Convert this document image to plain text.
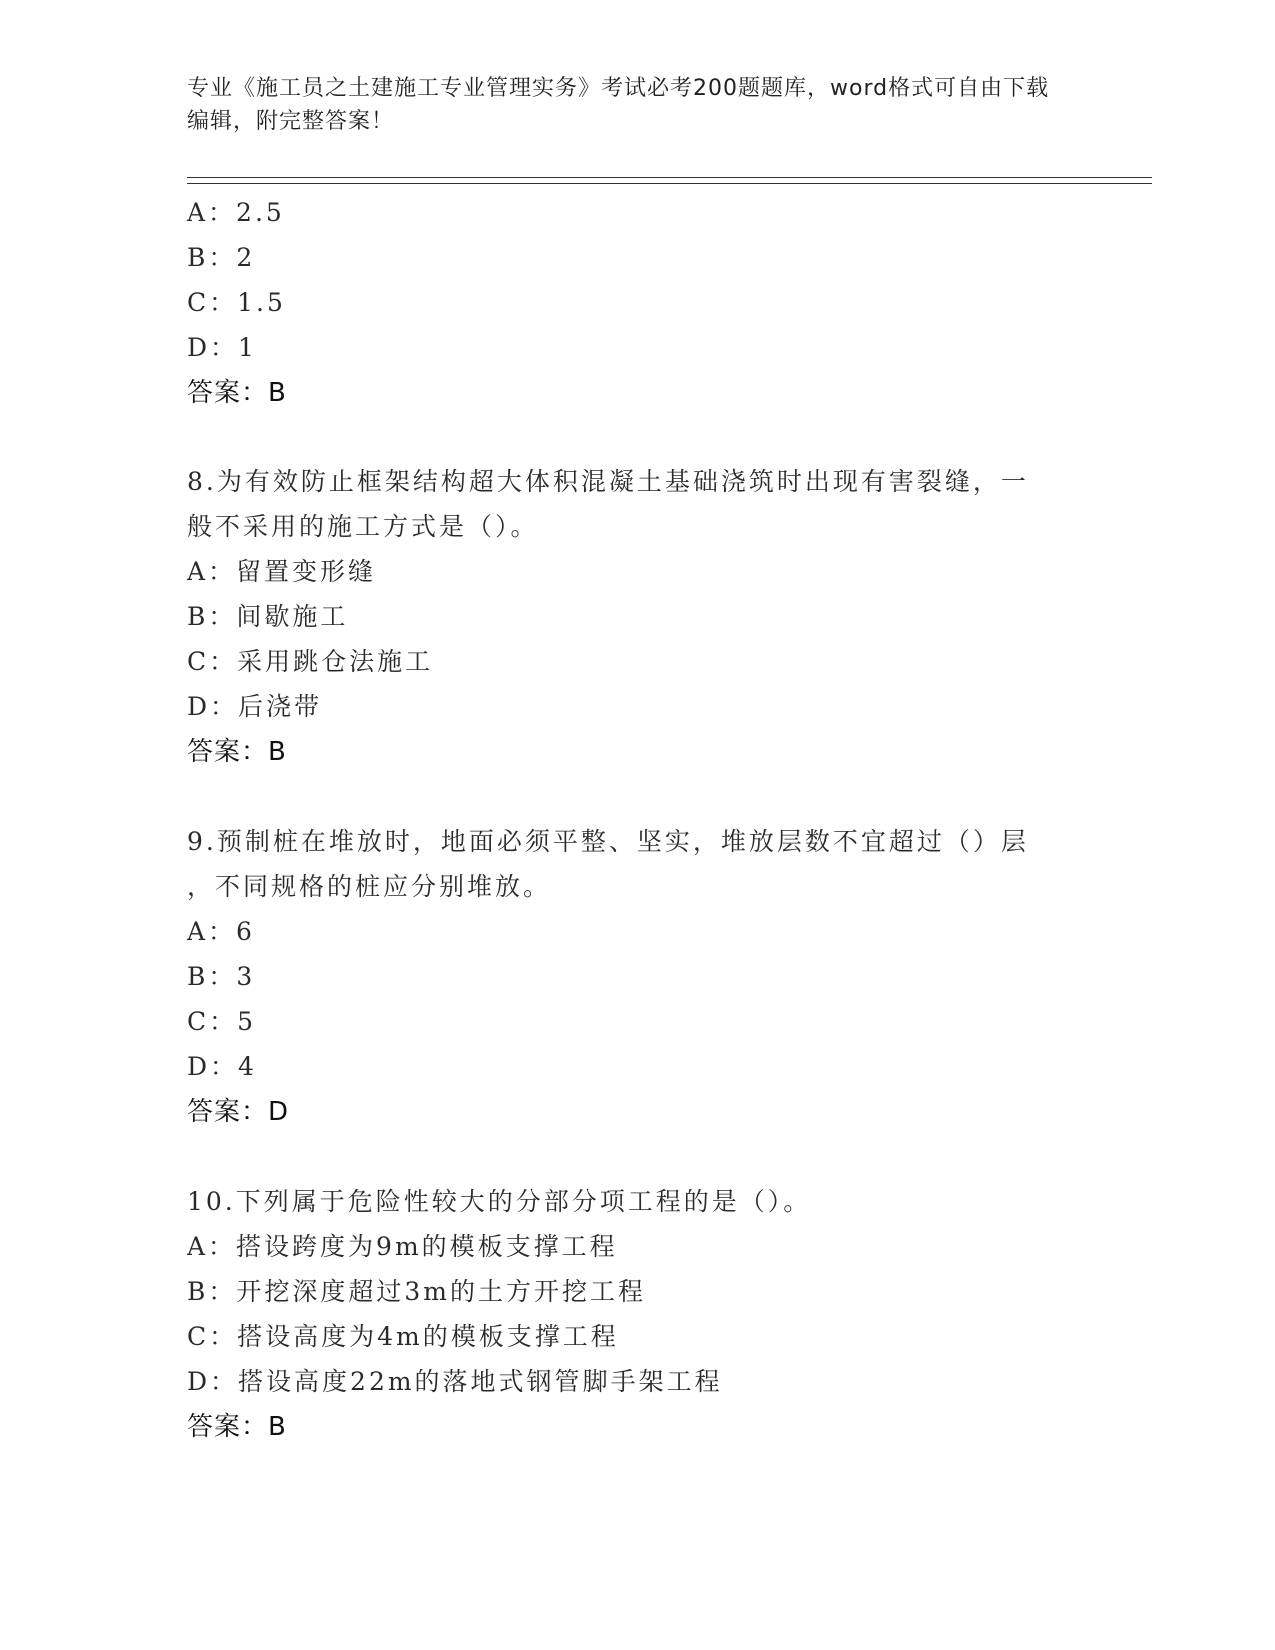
专业《施工员之土建施工专业管理实务》考试必考200题题库，word格式可自由下载编辑，附完整答案！
A：2.5
B：2
C：1.5
D：1
答案：B
8.为有效防止框架结构超大体积混凝土基础浇筑时出现有害裂缝，一
般不采用的施工方式是（）。
A：留置变形缝
B：间歇施工
C：采用跳仓法施工
D：后浇带
答案：B
9.预制桩在堆放时，地面必须平整、坚实，堆放层数不宜超过（）层
，不同规格的桩应分别堆放。
A：6
B：3
C：5
D：4
答案：D
10.下列属于危险性较大的分部分项工程的是（）。
A：搭设跨度为9m的模板支撑工程
B：开挖深度超过3m的土方开挖工程
C：搭设高度为4m的模板支撑工程
D：搭设高度22m的落地式钢管脚手架工程
答案：B
